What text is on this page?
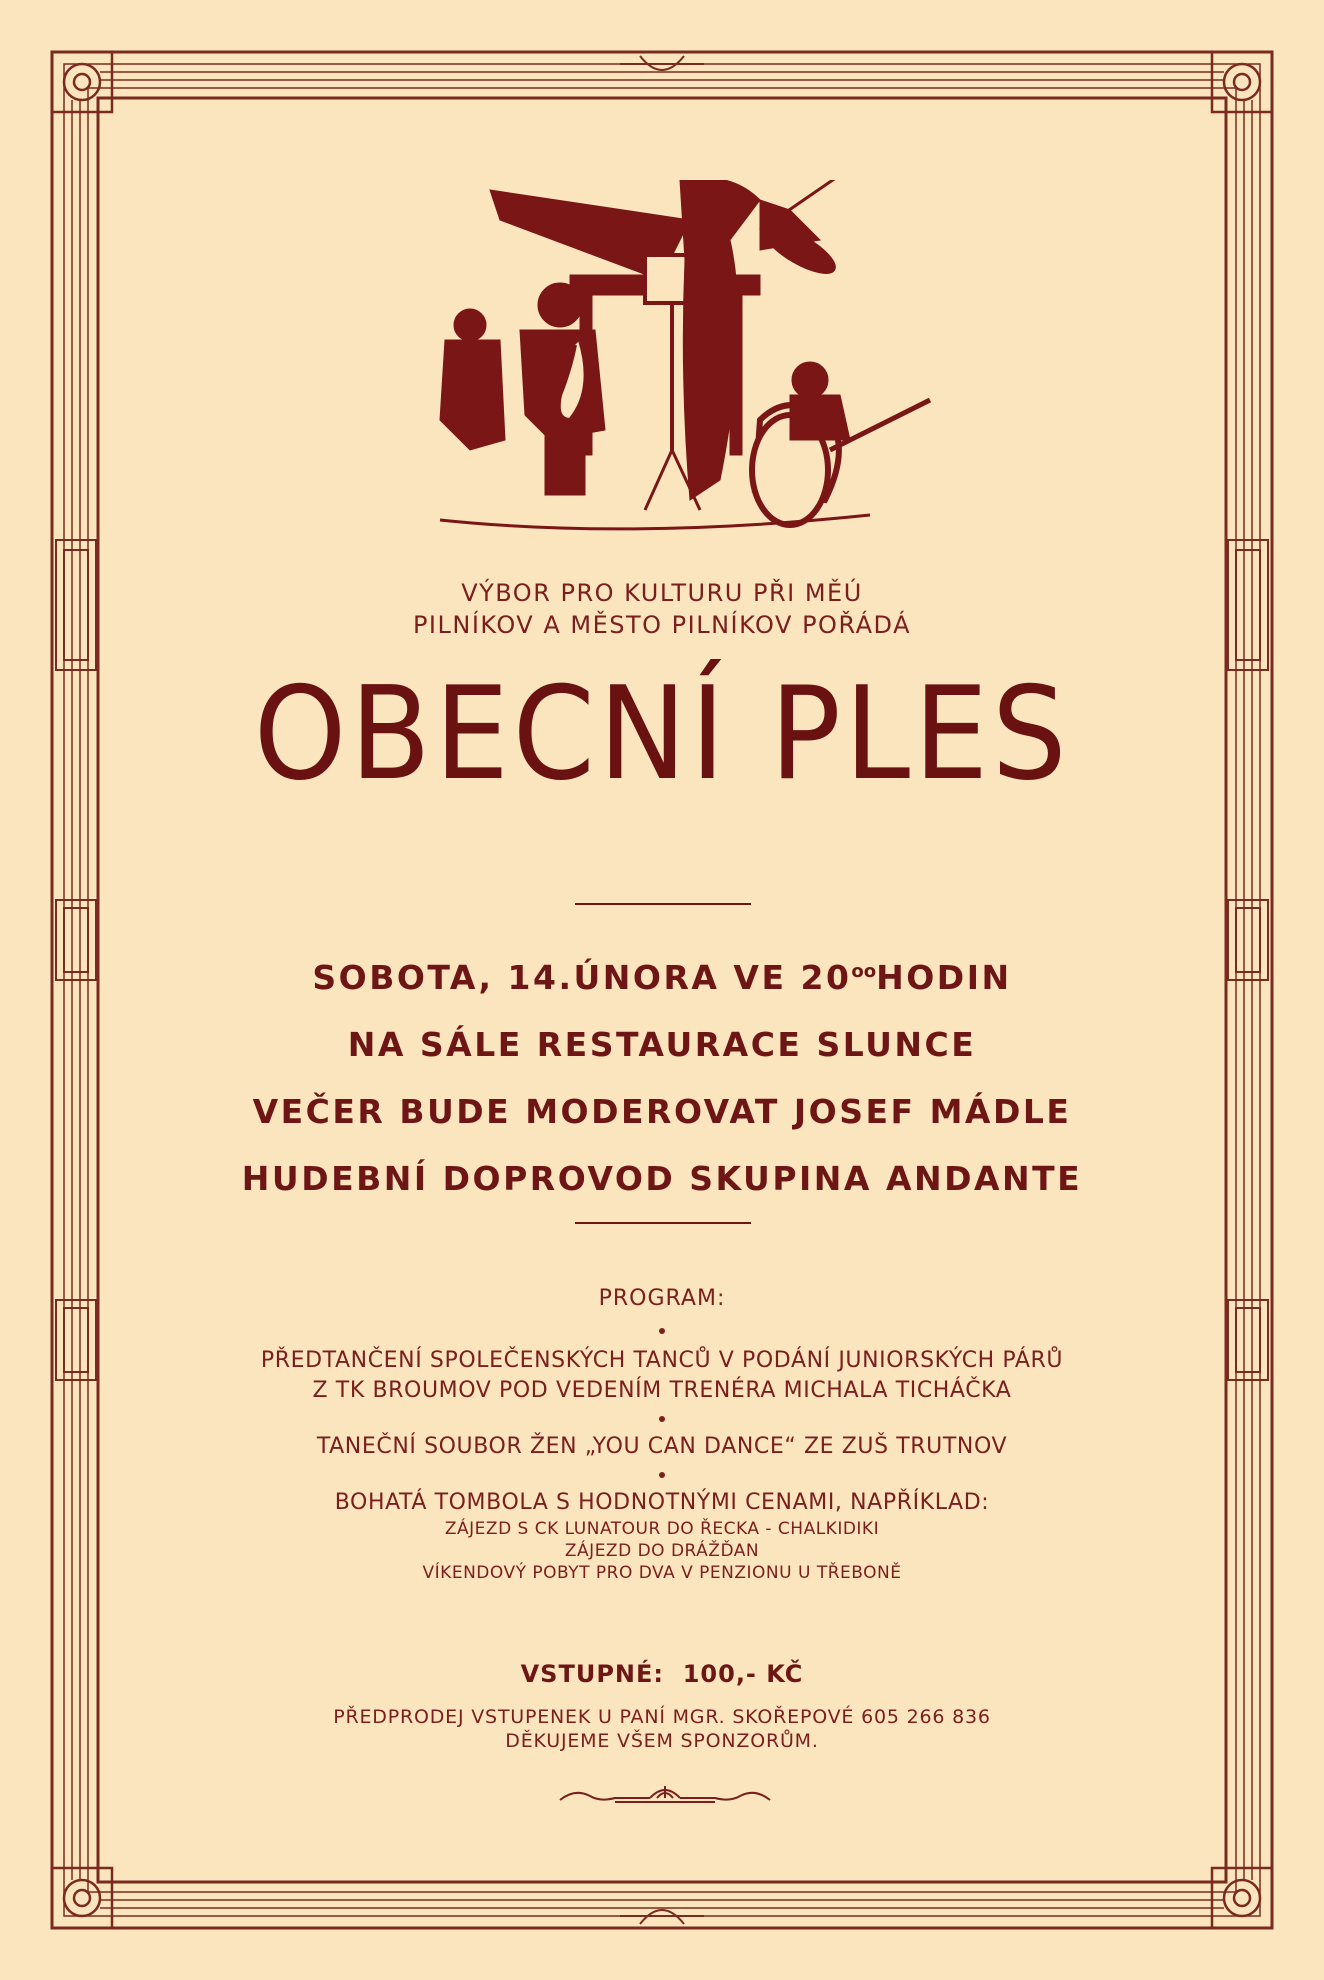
VÝBOR PRO KULTURU PŘI MĚÚ
PILNÍKOV A MĚSTO PILNÍKOV POŘÁDÁ
OBECNÍ PLES
SOBOTA, 14.ÚNORA VE $20^{oo}HODIN$
NA SÁLE RESTAURACE SLUNCE
VEČER BUDE MODEROVAT JOSEF MÁDLE
HUDEBNÍ DOPROVOD SKUPINA ANDANTE
PROGRAM:
PŘEDTANČENÍ SPOLEČENSKÝCH TANCŮ V PODÁNÍ JUNIORSKÝCH PÁRŮ
Z TK BROUMOV POD VEDENÍM TRENÉRA MICHALA TICHÁČKA
TANEČNÍ SOUBOR ŽEN „YOU CAN DANCE“ ZE ZUŠ TRUTNOV
BOHATÁ TOMBOLA S HODNOTNÝMI CENAMI, NAPŘÍKLAD:
ZÁJEZD S CK LUNATOUR DO ŘECKA - CHALKIDIKI
ZÁJEZD DO DRÁŽĎAN
VÍKENDOVÝ POBYT PRO DVA V PENZIONU U TŘEBONĚ
VSTUPNÉ: 100,- KČ
PŘEDPRODEJ VSTUPENEK U PANÍ MGR. SKOŘEPOVÉ 605 266 836
DĚKUJEME VŠEM SPONZORŮM.
